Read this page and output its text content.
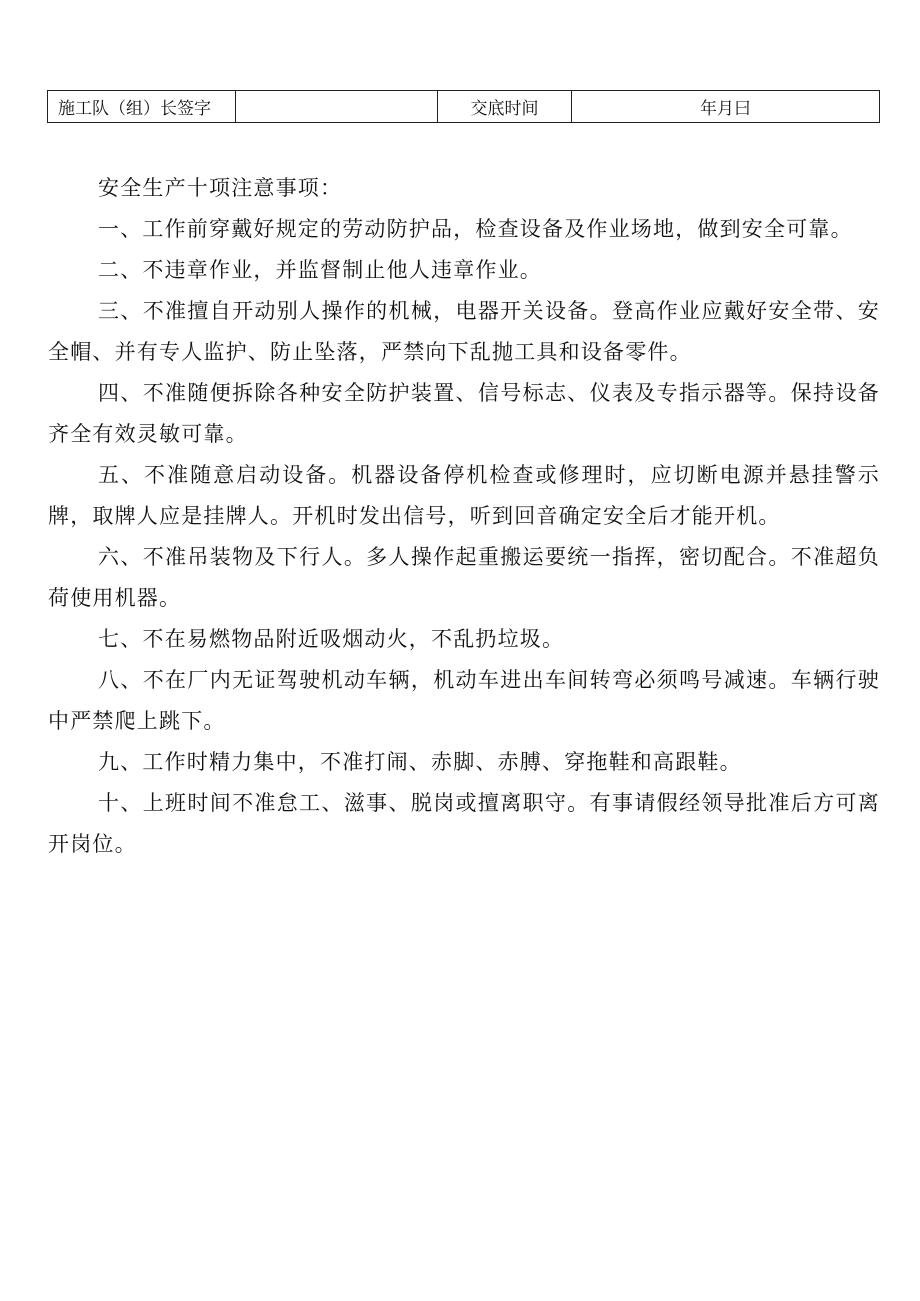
施工队（组）长签字		交底时间	年月曰

安全生产十项注意事项：

一、工作前穿戴好规定的劳动防护品，检查设备及作业场地，做到安全可靠。

二、不违章作业，并监督制止他人违章作业。

三、不准擅自开动别人操作的机械，电器开关设备。登高作业应戴好安全带、安全帽、并有专人监护、防止坠落，严禁向下乱抛工具和设备零件。

四、不准随便拆除各种安全防护装置、信号标志、仪表及专指示器等。保持设备齐全有效灵敏可靠。

五、不准随意启动设备。机器设备停机检查或修理时，应切断电源并悬挂警示牌，取牌人应是挂牌人。开机时发出信号，听到回音确定安全后才能开机。

六、不准吊装物及下行人。多人操作起重搬运要统一指挥，密切配合。不准超负荷使用机器。

七、不在易燃物品附近吸烟动火，不乱扔垃圾。

八、不在厂内无证驾驶机动车辆，机动车进出车间转弯必须鸣号减速。车辆行驶中严禁爬上跳下。

九、工作时精力集中，不准打闹、赤脚、赤膊、穿拖鞋和高跟鞋。

十、上班时间不准怠工、滋事、脱岗或擅离职守。有事请假经领导批准后方可离开岗位。
